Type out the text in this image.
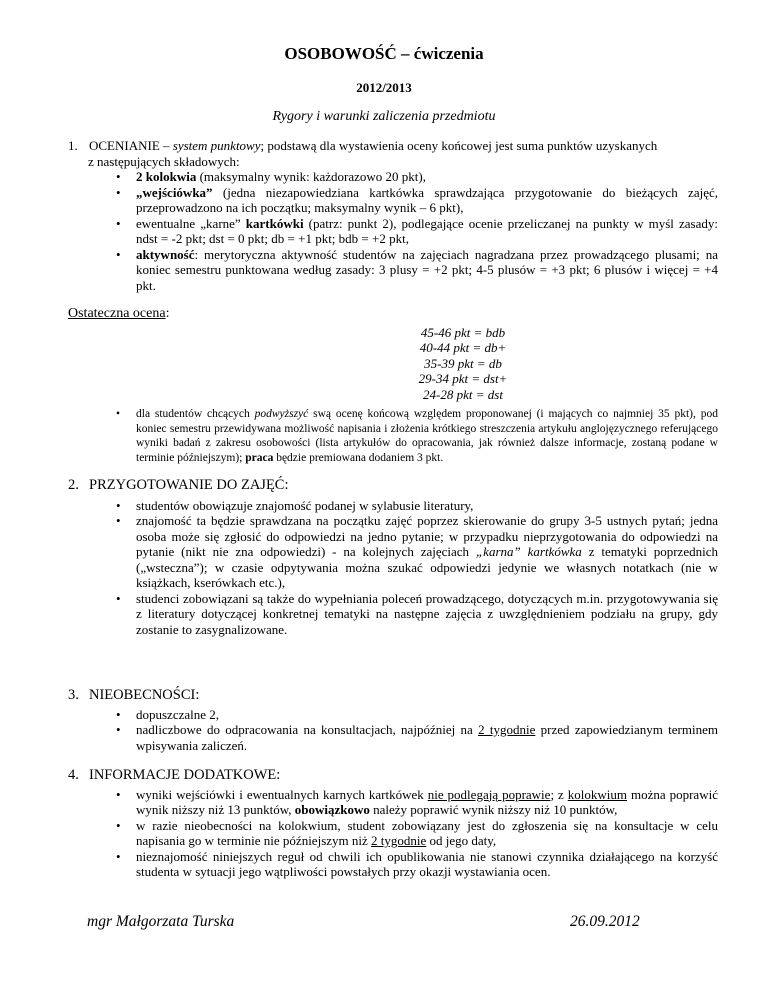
OSOBOWOŚĆ – ćwiczenia
2012/2013
Rygory i warunki zaliczenia przedmiotu
1. OCENIANIE – system punktowy; podstawą dla wystawienia oceny końcowej jest suma punktów uzyskanych
z następujących składowych:
• 2 kolokwia (maksymalny wynik: każdorazowo 20 pkt),
• „wejściówka” (jedna niezapowiedziana kartkówka sprawdzająca przygotowanie do bieżących zajęć, przeprowadzono na ich początku; maksymalny wynik – 6 pkt),
• ewentualne „karne” kartkówki (patrz: punkt 2), podlegające ocenie przeliczanej na punkty w myśl zasady: ndst = -2 pkt; dst = 0 pkt; db = +1 pkt; bdb = +2 pkt,
• aktywność: merytoryczna aktywność studentów na zajęciach nagradzana przez prowadzącego plusami; na koniec semestru punktowana według zasady: 3 plusy = +2 pkt; 4-5 plusów = +3 pkt; 6 plusów i więcej = +4 pkt.
Ostateczna ocena:
45-46 pkt = bdb
40-44 pkt = db+
35-39 pkt = db
29-34 pkt = dst+
24-28 pkt = dst
• dla studentów chcących podwyższyć swą ocenę końcową względem proponowanej (i mających co najmniej 35 pkt), pod koniec semestru przewidywana możliwość napisania i złożenia krótkiego streszczenia artykułu anglojęzycznego referującego wyniki badań z zakresu osobowości (lista artykułów do opracowania, jak również dalsze informacje, zostaną podane w terminie późniejszym); praca będzie premiowana dodaniem 3 pkt.
2. PRZYGOTOWANIE DO ZAJĘĆ:
• studentów obowiązuje znajomość podanej w sylabusie literatury,
• znajomość ta będzie sprawdzana na początku zajęć poprzez skierowanie do grupy 3-5 ustnych pytań; jedna osoba może się zgłosić do odpowiedzi na jedno pytanie; w przypadku nieprzygotowania do odpowiedzi na pytanie (nikt nie zna odpowiedzi) - na kolejnych zajęciach „karna” kartkówka z tematyki poprzednich („wsteczna”); w czasie odpytywania można szukać odpowiedzi jedynie we własnych notatkach (nie w książkach, kserówkach etc.),
• studenci zobowiązani są także do wypełniania poleceń prowadzącego, dotyczących m.in. przygotowywania się z literatury dotyczącej konkretnej tematyki na następne zajęcia z uwzględnieniem podziału na grupy, gdy zostanie to zasygnalizowane.
3. NIEOBECNOŚCI:
• dopuszczalne 2,
• nadliczbowe do odpracowania na konsultacjach, najpóźniej na 2 tygodnie przed zapowiedzianym terminem wpisywania zaliczeń.
4. INFORMACJE DODATKOWE:
• wyniki wejściówki i ewentualnych karnych kartkówek nie podlegają poprawie; z kolokwium można poprawić wynik niższy niż 13 punktów, obowiązkowo należy poprawić wynik niższy niż 10 punktów,
• w razie nieobecności na kolokwium, student zobowiązany jest do zgłoszenia się na konsultacje w celu napisania go w terminie nie późniejszym niż 2 tygodnie od jego daty,
• nieznajomość niniejszych reguł od chwili ich opublikowania nie stanowi czynnika działającego na korzyść studenta w sytuacji jego wątpliwości powstałych przy okazji wystawiania ocen.
mgr Małgorzata Turska	26.09.2012
